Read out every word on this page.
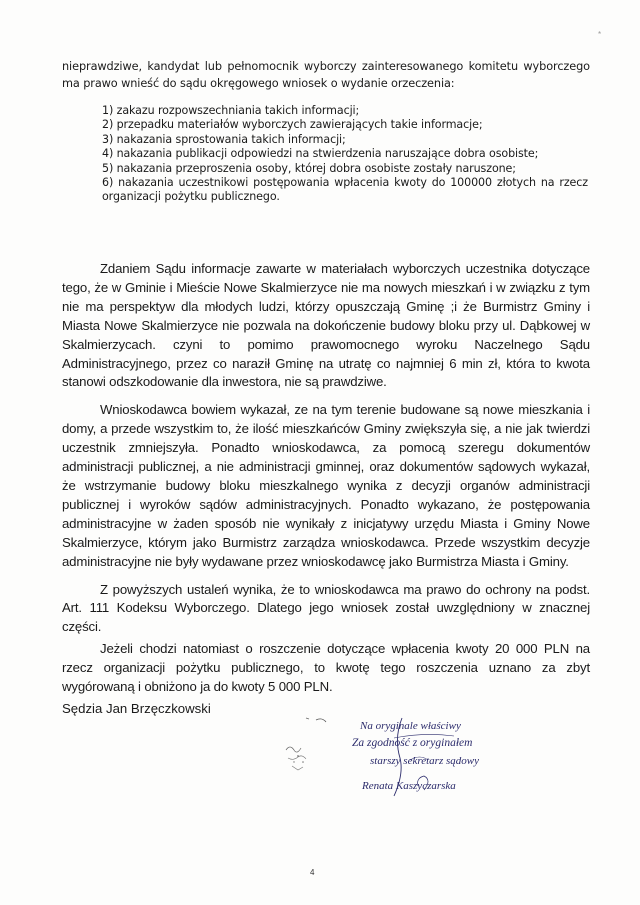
*

nieprawdziwe, kandydat lub pełnomocnik wyborczy zainteresowanego komitetu wyborczego ma prawo wnieść do sądu okręgowego wniosek o wydanie orzeczenia:

1) zakazu rozpowszechniania takich informacji;

2) przepadku materiałów wyborczych zawierających takie informacje;

3) nakazania sprostowania takich informacji;

4) nakazania publikacji odpowiedzi na stwierdzenia naruszające dobra osobiste;

5) nakazania przeproszenia osoby, której dobra osobiste zostały naruszone;

6) nakazania uczestnikowi postępowania wpłacenia kwoty do 100000 złotych na rzecz organizacji pożytku publicznego.

Zdaniem Sądu informacje zawarte w materiałach wyborczych uczestnika dotyczące tego, że w Gminie i Mieście Nowe Skalmierzyce nie ma nowych mieszkań i w związku z tym nie ma perspektyw dla młodych ludzi, którzy opuszczają Gminę ;i że Burmistrz Gminy i Miasta Nowe Skalmierzyce nie pozwala na dokończenie budowy bloku przy ul. Dąbkowej w Skalmierzycach. czyni to pomimo prawomocnego wyroku Naczelnego Sądu Administracyjnego, przez co naraził Gminę na utratę co najmniej 6 min zł, która to kwota stanowi odszkodowanie dla inwestora, nie są prawdziwe.

Wnioskodawca bowiem wykazał, ze na tym terenie budowane są nowe mieszkania i domy, a przede wszystkim to, że ilość mieszkańców Gminy zwiększyła się, a nie jak twierdzi uczestnik zmniejszyła. Ponadto wnioskodawca, za pomocą szeregu dokumentów administracji publicznej, a nie administracji gminnej, oraz dokumentów sądowych wykazał, że wstrzymanie budowy bloku mieszkalnego wynika z decyzji organów administracji publicznej i wyroków sądów administracyjnych. Ponadto wykazano, że postępowania administracyjne w żaden sposób nie wynikały z inicjatywy urzędu Miasta i Gminy Nowe Skalmierzyce, którym jako Burmistrz zarządza wnioskodawca. Przede wszystkim decyzje administracyjne nie były wydawane przez wnioskodawcę jako Burmistrza Miasta i Gminy.

Z powyższych ustaleń wynika, że to wnioskodawca ma prawo do ochrony na podst. Art. 111 Kodeksu Wyborczego. Dlatego jego wniosek został uwzględniony w znacznej części.

Jeżeli chodzi natomiast o roszczenie dotyczące wpłacenia kwoty 20 000 PLN na rzecz organizacji pożytku publicznego, to kwotę tego roszczenia uznano za zbyt wygórowaną i obniżono ja do kwoty 5 000 PLN.

Sędzia Jan Brzęczkowski
Na oryginale właściwy
Za zgodność z oryginałem
starszy sekretarz sądowy
Renata Kaszyczarska
4
